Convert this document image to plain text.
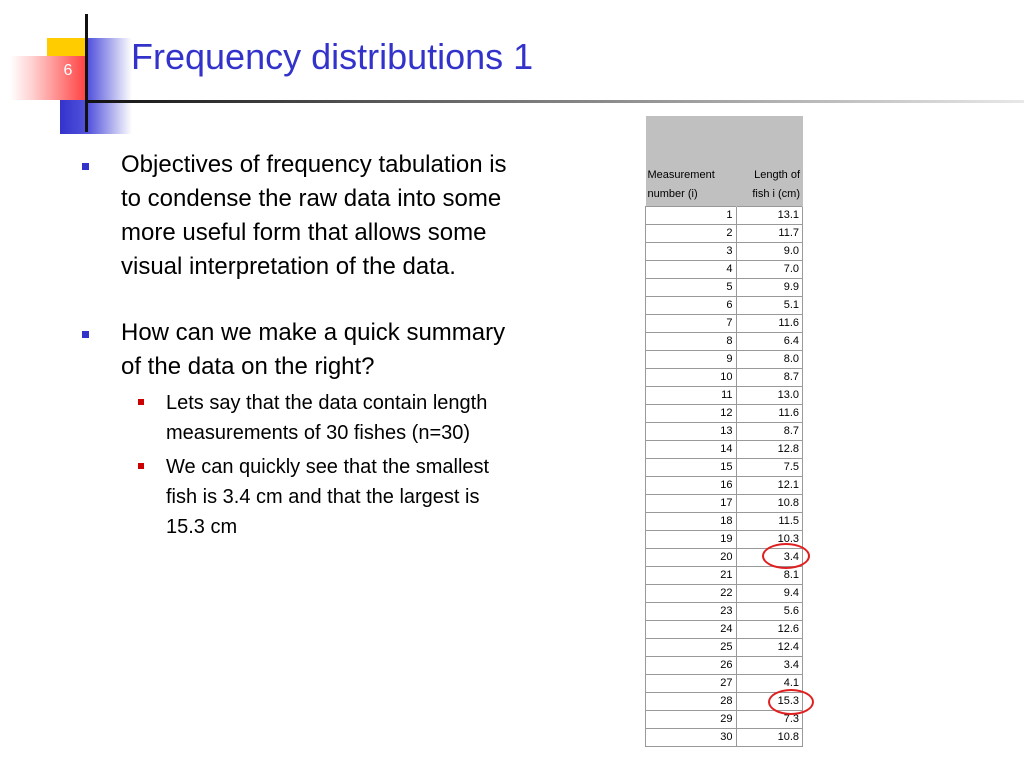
6 Frequency distributions 1
Objectives of frequency tabulation is to condense the raw data into some more useful form that allows some visual interpretation of the data.
How can we make a quick summary of the data on the right?
Lets say that the data contain length measurements of 30 fishes (n=30)
We can quickly see that the smallest fish is 3.4 cm and that the largest is 15.3 cm
Measurement number (i)	Length of fish i (cm)
1	13.1
2	11.7
3	9.0
4	7.0
5	9.9
6	5.1
7	11.6
8	6.4
9	8.0
10	8.7
11	13.0
12	11.6
13	8.7
14	12.8
15	7.5
16	12.1
17	10.8
18	11.5
19	10.3
20	3.4
21	8.1
22	9.4
23	5.6
24	12.6
25	12.4
26	3.4
27	4.1
28	15.3
29	7.3
30	10.8
